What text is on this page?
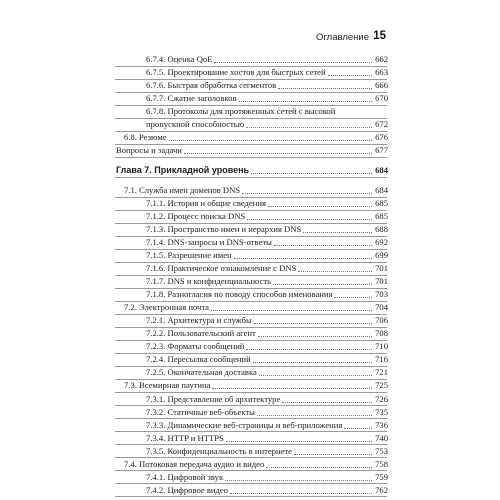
Оглавление 15
6.7.4. Оценка QoE	662
6.7.5. Проектирование хостов для быстрых сетей	663
6.7.6. Быстрая обработка сегментов	666
6.7.7. Сжатие заголовков	670
6.7.8. Протоколы для протяженных сетей с высокой
пропускной способностью	672
6.8. Резюме	676
Вопросы и задачи	677
Глава 7. Прикладной уровень	684
7.1. Служба имен доменов DNS	684
7.1.1. История и общие сведения	685
7.1.2. Процесс поиска DNS	685
7.1.3. Пространство имен и иерархия DNS	688
7.1.4. DNS-запросы и DNS-ответы	692
7.1.5. Разрешение имен	699
7.1.6. Практическое ознакомление с DNS	701
7.1.7. DNS и конфиденциальность	701
7.1.8. Разногласия по поводу способов именования	703
7.2. Электронная почта	704
7.2.1. Архитектура и службы	706
7.2.2. Пользовательский агент	708
7.2.3. Форматы сообщений	710
7.2.4. Пересылка сообщений	716
7.2.5. Окончательная доставка	721
7.3. Всемирная паутина	725
7.3.1. Представление об архитектуре	726
7.3.2. Статичные веб-объекты	735
7.3.3. Динамические веб-страницы и веб-приложения	736
7.3.4. HTTP и HTTPS	740
7.3.5. Конфиденциальность в интернете	753
7.4. Потоковая передача аудио и видео	758
7.4.1. Цифровой звук	759
7.4.2. Цифровое видео	762
